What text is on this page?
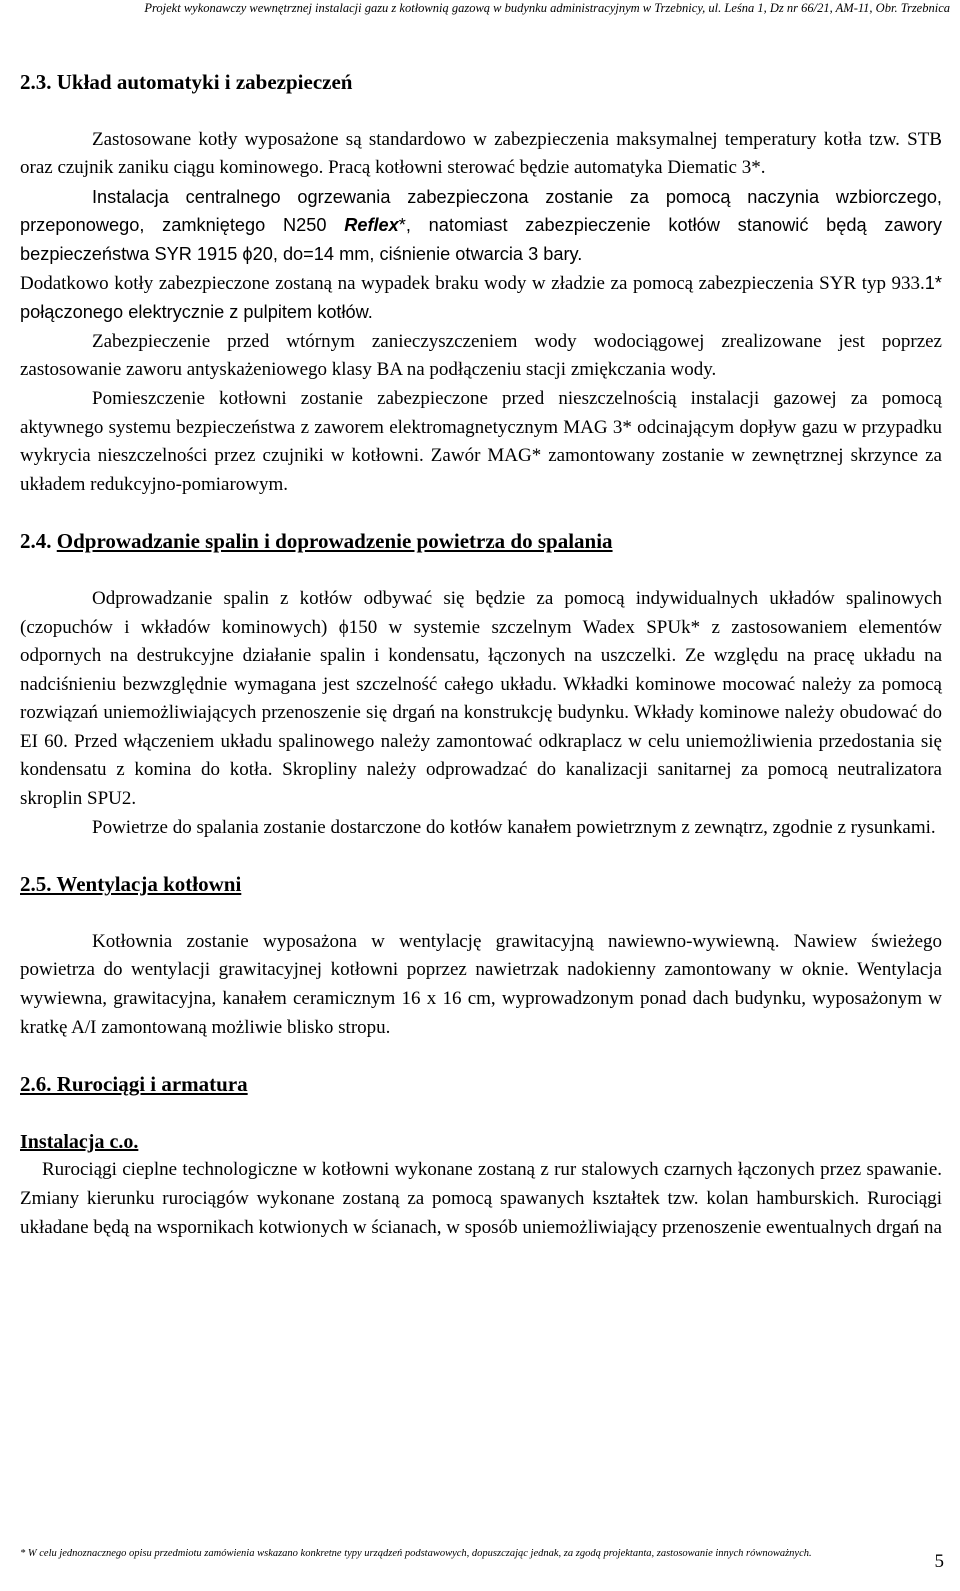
Projekt wykonawczy wewnętrznej instalacji gazu z kotłownią gazową w budynku administracyjnym w Trzebnicy, ul. Leśna 1, Dz nr 66/21, AM-11, Obr. Trzebnica
2.3. Układ automatyki i zabezpieczeń

Zastosowane kotły wyposażone są standardowo w zabezpieczenia maksymalnej temperatury kotła tzw. STB oraz czujnik zaniku ciągu kominowego. Pracą kotłowni sterować będzie automatyka Diematic 3*.

Instalacja centralnego ogrzewania zabezpieczona zostanie za pomocą naczynia wzbiorczego, przeponowego, zamkniętego N250 Reflex*, natomiast zabezpieczenie kotłów stanowić będą zawory bezpieczeństwa SYR 1915 ϕ20, do=14 mm, ciśnienie otwarcia 3 bary.

Dodatkowo kotły zabezpieczone zostaną na wypadek braku wody w zładzie za pomocą zabezpieczenia SYR typ 933.1* połączonego elektrycznie z pulpitem kotłów.

Zabezpieczenie przed wtórnym zanieczyszczeniem wody wodociągowej zrealizowane jest poprzez zastosowanie zaworu antyskażeniowego klasy BA na podłączeniu stacji zmiękczania wody.

Pomieszczenie kotłowni zostanie zabezpieczone przed nieszczelnością instalacji gazowej za pomocą aktywnego systemu bezpieczeństwa z zaworem elektromagnetycznym MAG 3* odcinającym dopływ gazu w przypadku wykrycia nieszczelności przez czujniki w kotłowni. Zawór MAG* zamontowany zostanie w zewnętrznej skrzynce za układem redukcyjno-pomiarowym.

2.4. Odprowadzanie spalin i doprowadzenie powietrza do spalania

Odprowadzanie spalin z kotłów odbywać się będzie za pomocą indywidualnych układów spalinowych (czopuchów i wkładów kominowych) ϕ150 w systemie szczelnym Wadex SPUk* z zastosowaniem elementów odpornych na destrukcyjne działanie spalin i kondensatu, łączonych na uszczelki. Ze względu na pracę układu na nadciśnieniu bezwzględnie wymagana jest szczelność całego układu. Wkładki kominowe mocować należy za pomocą rozwiązań uniemożliwiających przenoszenie się drgań na konstrukcję budynku. Wkłady kominowe należy obudować do EI 60. Przed włączeniem układu spalinowego należy zamontować odkraplacz w celu uniemożliwienia przedostania się kondensatu z komina do kotła. Skropliny należy odprowadzać do kanalizacji sanitarnej za pomocą neutralizatora skroplin SPU2.

Powietrze do spalania zostanie dostarczone do kotłów kanałem powietrznym z zewnątrz, zgodnie z rysunkami.

2.5. Wentylacja kotłowni

Kotłownia zostanie wyposażona w wentylację grawitacyjną nawiewno-wywiewną. Nawiew świeżego powietrza do wentylacji grawitacyjnej kotłowni poprzez nawietrzak nadokienny zamontowany w oknie. Wentylacja wywiewna, grawitacyjna, kanałem ceramicznym 16 x 16 cm, wyprowadzonym ponad dach budynku, wyposażonym w kratkę A/I zamontowaną możliwie blisko stropu.

2.6. Rurociągi i armatura
Instalacja c.o.

Rurociągi cieplne technologiczne w kotłowni wykonane zostaną z rur stalowych czarnych łączonych przez spawanie. Zmiany kierunku rurociągów wykonane zostaną za pomocą spawanych kształtek tzw. kolan hamburskich. Rurociągi układane będą na wspornikach kotwionych w ścianach, w sposób uniemożliwiający przenoszenie ewentualnych drgań na

* W celu jednoznacznego opisu przedmiotu zamówienia wskazano konkretne typy urządzeń podstawowych, dopuszczając jednak, za zgodą projektanta, zastosowanie innych równoważnych.	5
